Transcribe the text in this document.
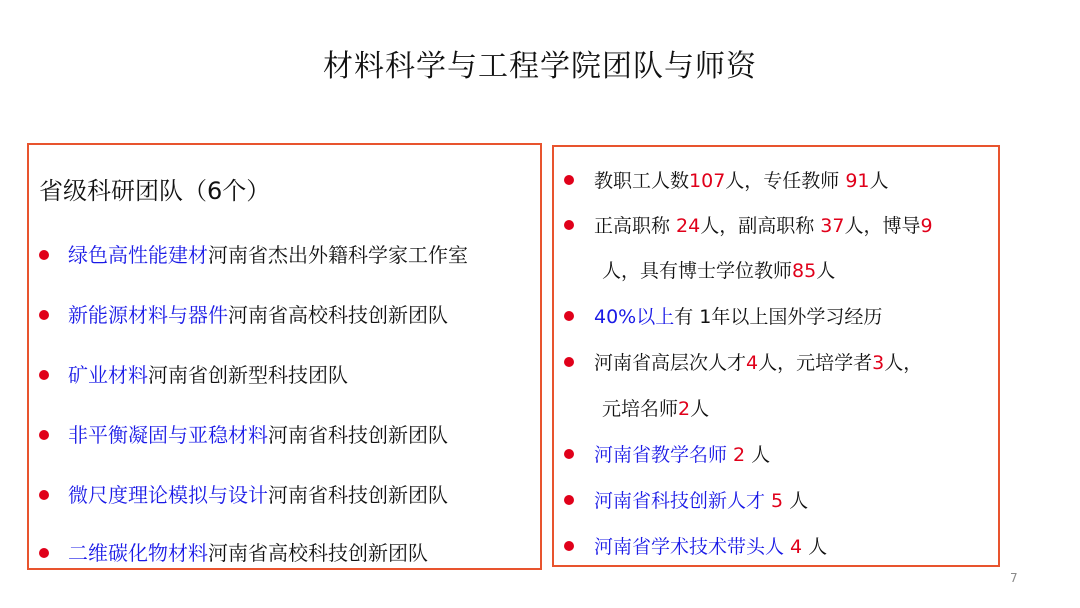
材料科学与工程学院团队与师资
省级科研团队（6个）
绿色高性能建材河南省杰出外籍科学家工作室
新能源材料与器件河南省高校科技创新团队
矿业材料河南省创新型科技团队
非平衡凝固与亚稳材料河南省科技创新团队
微尺度理论模拟与设计河南省科技创新团队
二维碳化物材料河南省高校科技创新团队
教职工人数107人，专任教师 91人
正高职称 24人，副高职称 37人，博导9
人，具有博士学位教师85人
40%以上有 1年以上国外学习经历
河南省高层次人才4人，元培学者3人，
元培名师2人
河南省教学名师 2 人
河南省科技创新人才 5 人
河南省学术技术带头人 4 人
7
